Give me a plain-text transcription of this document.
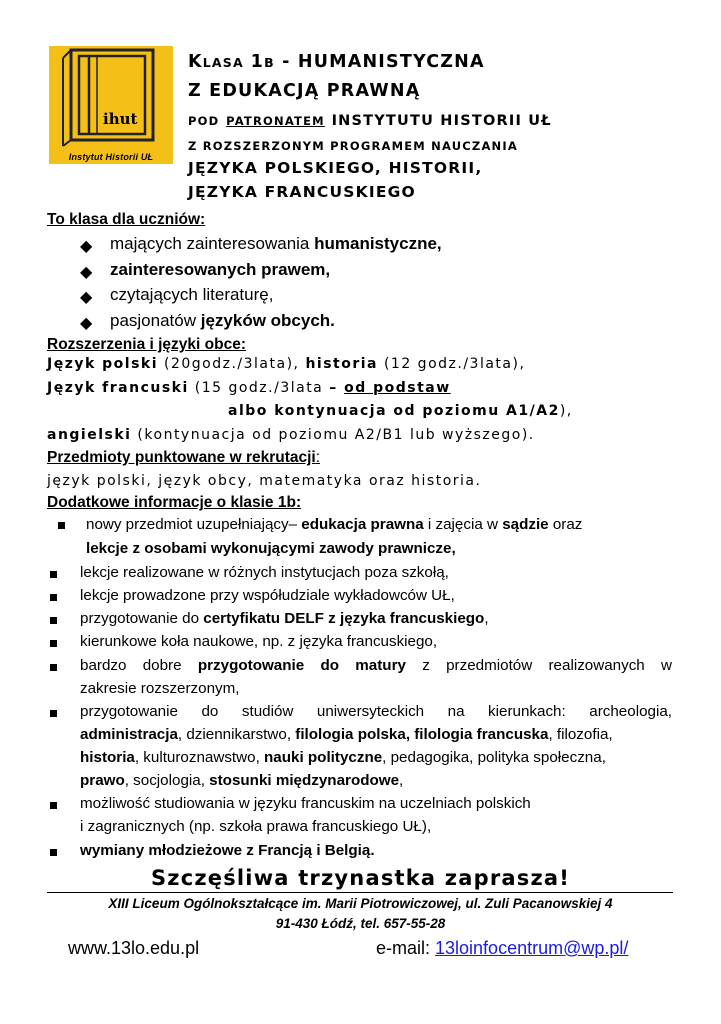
ihut
Instytut Historii UŁ
KLASA 1B - HUMANISTYCZNA
Z EDUKACJĄ PRAWNĄ
POD PATRONATEM INSTYTUTU HISTORII UŁ
Z ROZSZERZONYM PROGRAMEM NAUCZANIA
JĘZYKA POLSKIEGO, HISTORII,
JĘZYKA FRANCUSKIEGO
To klasa dla uczniów:
◆ mających zainteresowania humanistyczne,
◆ zainteresowanych prawem,
◆ czytających literaturę,
◆ pasjonatów języków obcych.
Rozszerzenia i języki obce:
Język polski (20godz./3lata), historia (12 godz./3lata),
Język francuski (15 godz./3lata – od podstaw
albo kontynuacja od poziomu A1/A2),
angielski (kontynuacja od poziomu A2/B1 lub wyższego).
Przedmioty punktowane w rekrutacji:
język polski, język obcy, matematyka oraz historia.
Dodatkowe informacje o klasie 1b:
nowy przedmiot uzupełniający– edukacja prawna i zajęcia w sądzie oraz
lekcje z osobami wykonującymi zawody prawnicze,
lekcje realizowane w różnych instytucjach poza szkołą,
lekcje prowadzone przy współudziale wykładowców UŁ,
przygotowanie do certyfikatu DELF z języka francuskiego,
kierunkowe koła naukowe, np. z języka francuskiego,
bardzo dobre przygotowanie do matury z przedmiotów realizowanych w
zakresie rozszerzonym,
przygotowanie do studiów uniwersyteckich na kierunkach: archeologia,
administracja, dziennikarstwo, filologia polska, filologia francuska, filozofia,
historia, kulturoznawstwo, nauki polityczne, pedagogika, polityka społeczna,
prawo, socjologia, stosunki międzynarodowe,
możliwość studiowania w języku francuskim na uczelniach polskich
i zagranicznych (np. szkoła prawa francuskiego UŁ),
wymiany młodzieżowe z Francją i Belgią.
Szczęśliwa trzynastka zaprasza!
XIII Liceum Ogólnokształcące im. Marii Piotrowiczowej, ul. Zuli Pacanowskiej 4
91-430 Łódź, tel. 657-55-28
www.13lo.edu.pl	e-mail: 13loinfocentrum@wp.pl/
